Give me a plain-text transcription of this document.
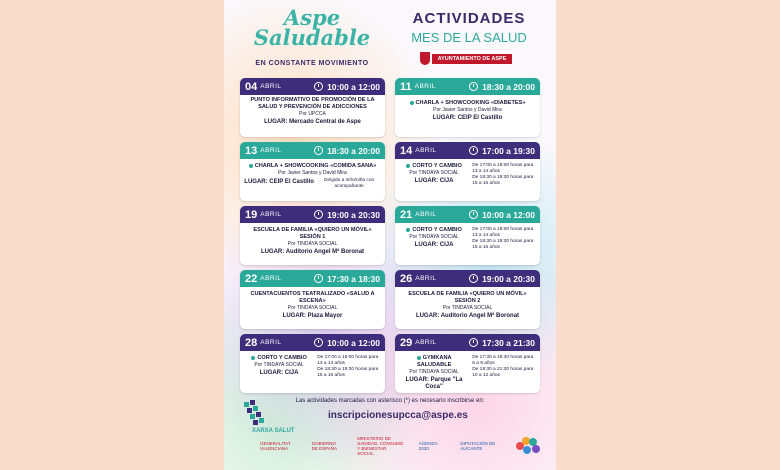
Aspe
Saludable
EN CONSTANTE MOVIMIENTO
ACTIVIDADES
MES DE LA SALUD
AYUNTAMIENTO DE ASPE
04 ABRIL	10:00 a 12:00
PUNTO INFORMATIVO DE PROMOCIÓN DE LA SALUD Y PREVENCIÓN DE ADICCIONES
Por UPCCA
LUGAR: Mercado Central de Aspe
11 ABRIL	18:30 a 20:00
CHARLA + SHOWCOOKING «DIABETES»
Por Javier Santos y David Mira
LUGAR: CEIP El Castillo
13 ABRIL	18:30 a 20:00
CHARLA + SHOWCOOKING «COMIDA SANA»
Por Javier Santos y David Mira
LUGAR: CEIP El Castillo	Dirigido a niño/niña con acompañante
14 ABRIL	17:00 a 19:30
CORTO Y CAMBIO
Por TINDAYA SOCIAL
LUGAR: CIJA
De 17:00 a 18:00 horas para 13 a 14 años
De 18:30 a 19:30 horas para 15 a 16 años
19 ABRIL	19:00 a 20:30
ESCUELA DE FAMILIA «QUIERO UN MÓVIL» SESIÓN 1
Por TINDAYA SOCIAL
LUGAR: Auditorio Angel Mª Boronat
21 ABRIL	10:00 a 12:00
CORTO Y CAMBIO
Por TINDAYA SOCIAL
LUGAR: CIJA
De 17:00 a 18:00 horas para 13 a 14 años
De 18:30 a 19:30 horas para 15 a 16 años
22 ABRIL	17:30 a 18:30
CUENTACUENTOS TEATRALIZADO «SALUD A ESCENA»
Por TINDAYA SOCIAL
LUGAR: Plaza Mayor
26 ABRIL	19:00 a 20:30
ESCUELA DE FAMILIA «QUIERO UN MÓVIL» SESIÓN 2
Por TINDAYA SOCIAL
LUGAR: Auditorio Angel Mª Boronat
28 ABRIL	10:00 a 12:00
CORTO Y CAMBIO
Por TINDAYA SOCIAL
LUGAR: CIJA
De 17:00 a 18:00 horas para 13 a 14 años
De 18:30 a 19:30 horas para 15 a 16 años
29 ABRIL	17:30 a 21:30
GYMKANA SALUDABLE
Por TINDAYA SOCIAL
LUGAR: Parque "La Coca"
De 17:30 a 19:30 horas para 6 a 9 años
De 19:30 a 21:30 horas para 10 a 12 años
Las actividades marcadas con asterisco (*) es necesario inscribirse en:
inscripcionesupcca@aspe.es
XARXA SALUT
GENERALITAT VALENCIANA
GOBIERNO DE ESPAÑA
MINISTERIO DE SANIDAD, CONSUMO Y BIENESTAR SOCIAL
AGENDA 2030
DIPUTACIÓN DE ALICANTE
